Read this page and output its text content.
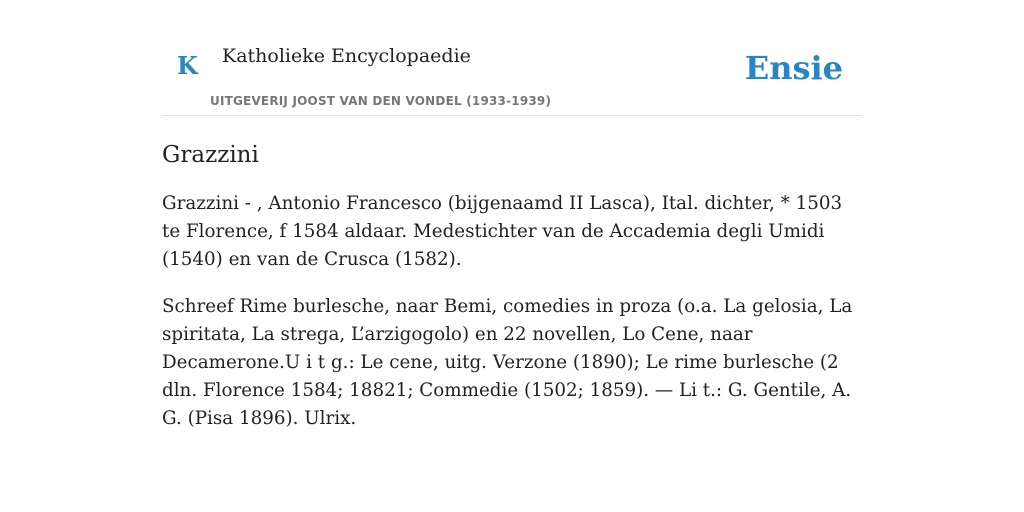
K Katholieke Encyclopaedie
UITGEVERIJ JOOST VAN DEN VONDEL (1933-1939)
Ensie
Grazzini

Grazzini - , Antonio Francesco (bijgenaamd II Lasca), Ital. dichter, * 1503 te Florence, f 1584 aldaar. Medestichter van de Accademia degli Umidi (1540) en van de Crusca (1582).

Schreef Rime burlesche, naar Bemi, comedies in proza (o.a. La gelosia, La spiritata, La strega, L’arzigogolo) en 22 novellen, Lo Cene, naar Decamerone.U i t g.: Le cene, uitg. Verzone (1890); Le rime burlesche (2 dln. Florence 1584; 18821; Commedie (1502; 1859). — Li t.: G. Gentile, A. G. (Pisa 1896). Ulrix.
